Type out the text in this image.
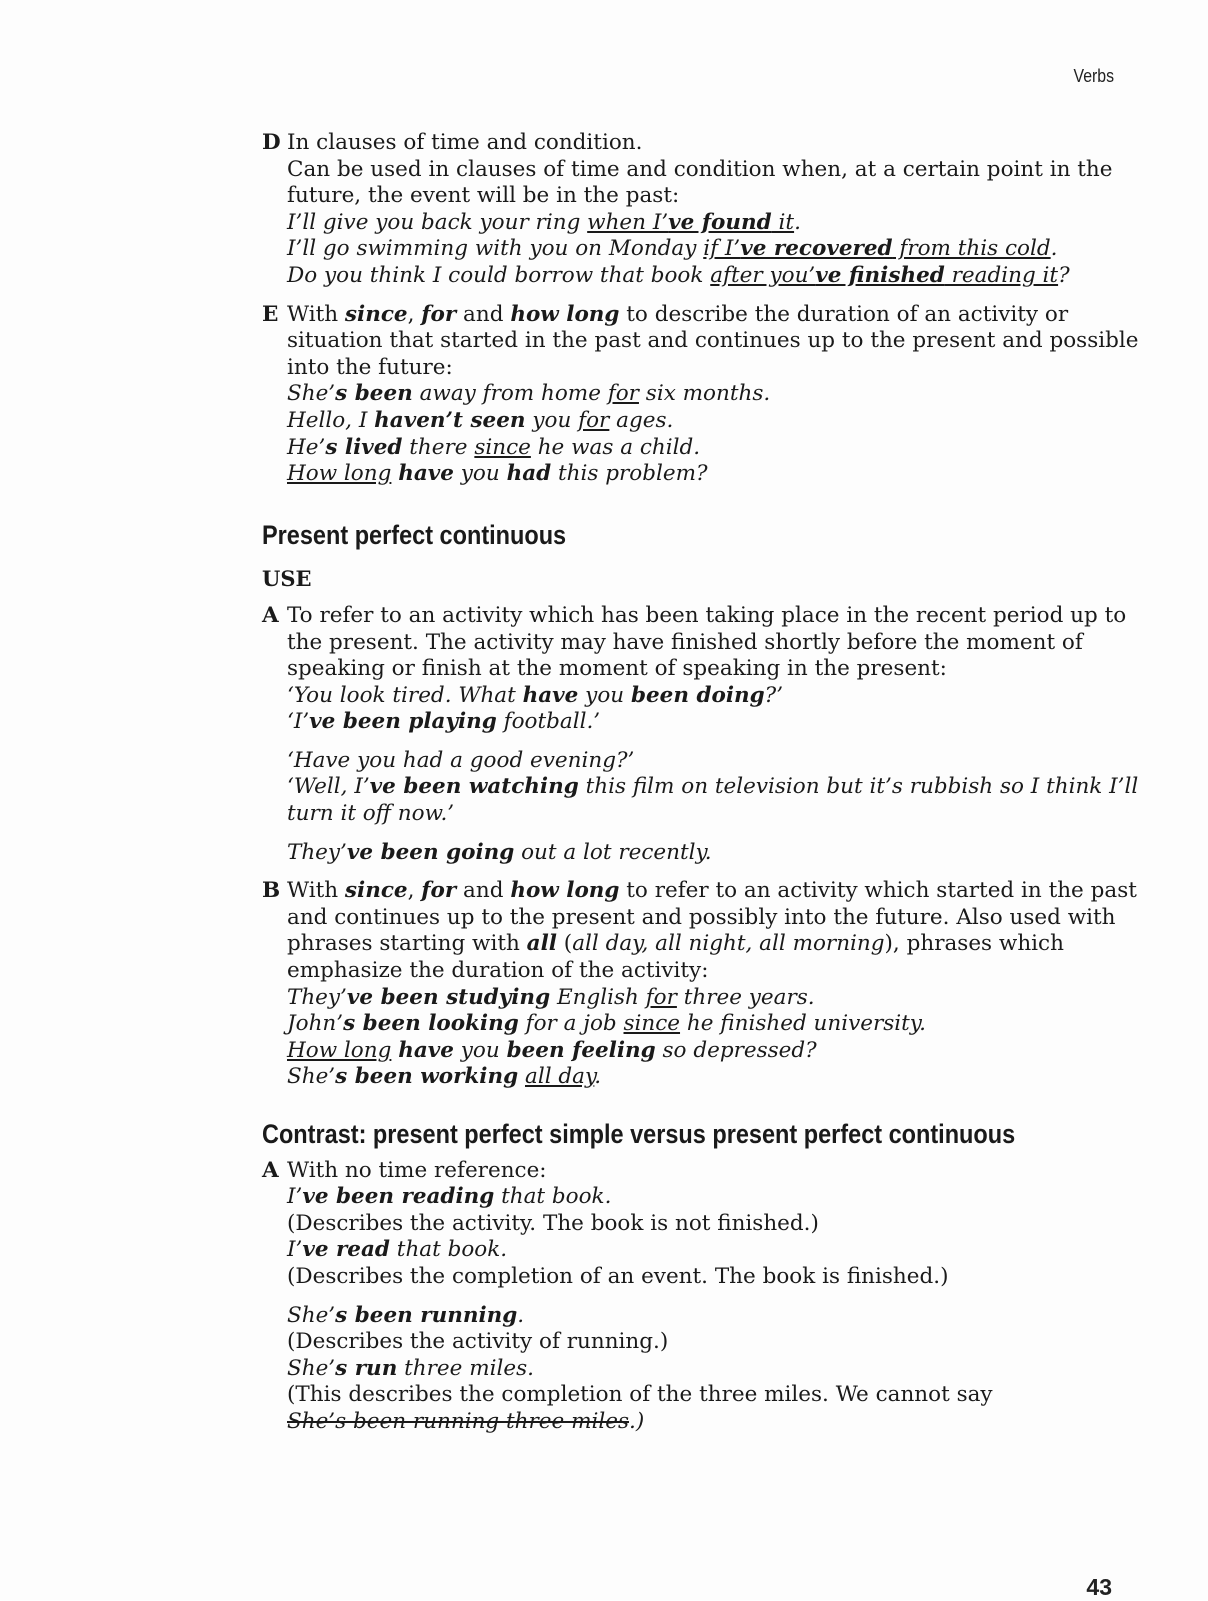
Verbs
D In clauses of time and condition.
Can be used in clauses of time and condition when, at a certain point in the
future, the event will be in the past:
I’ll give you back your ring when I’ve found it.
I’ll go swimming with you on Monday if I’ve recovered from this cold.
Do you think I could borrow that book after you’ve finished reading it?
E With since, for and how long to describe the duration of an activity or
situation that started in the past and continues up to the present and possible
into the future:
She’s been away from home for six months.
Hello, I haven’t seen you for ages.
He’s lived there since he was a child.
How long have you had this problem?
Present perfect continuous
USE
A To refer to an activity which has been taking place in the recent period up to
the present. The activity may have finished shortly before the moment of
speaking or finish at the moment of speaking in the present:
‘You look tired. What have you been doing?’
‘I’ve been playing football.’
‘Have you had a good evening?’
‘Well, I’ve been watching this film on television but it’s rubbish so I think I’ll
turn it off now.’
They’ve been going out a lot recently.
B With since, for and how long to refer to an activity which started in the past
and continues up to the present and possibly into the future. Also used with
phrases starting with all (all day, all night, all morning), phrases which
emphasize the duration of the activity:
They’ve been studying English for three years.
John’s been looking for a job since he finished university.
How long have you been feeling so depressed?
She’s been working all day.
Contrast: present perfect simple versus present perfect continuous
A With no time reference:
I’ve been reading that book.
(Describes the activity. The book is not finished.)
I’ve read that book.
(Describes the completion of an event. The book is finished.)
She’s been running.
(Describes the activity of running.)
She’s run three miles.
(This describes the completion of the three miles. We cannot say
She’s been running three miles.)
43
